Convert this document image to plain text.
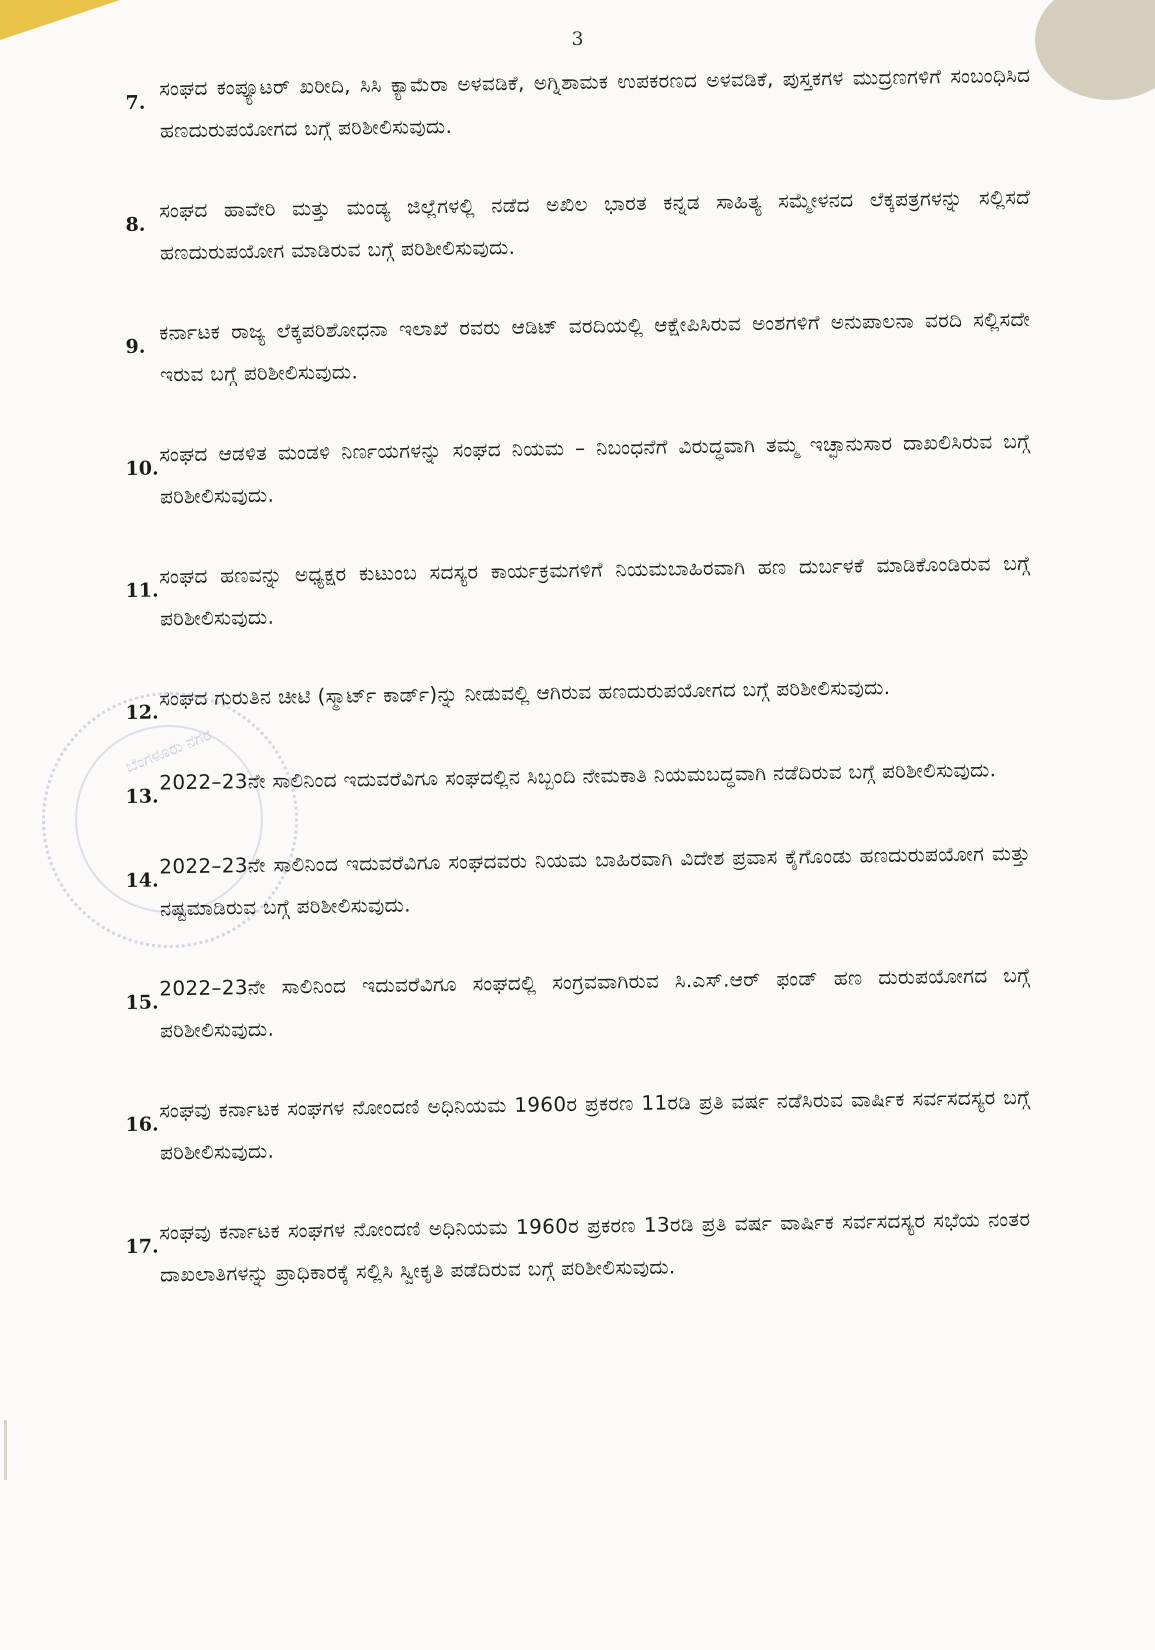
3
ಬೆಂಗಳೂರು ನಗರ
7.
ಸಂಘದ ಕಂಪ್ಯೂಟರ್ ಖರೀದಿ, ಸಿಸಿ ಕ್ಯಾಮೆರಾ ಅಳವಡಿಕೆ, ಅಗ್ನಿಶಾಮಕ ಉಪಕರಣದ ಅಳವಡಿಕೆ, ಪುಸ್ತಕಗಳ ಮುದ್ರಣಗಳಿಗೆ ಸಂಬಂಧಿಸಿದ ಹಣದುರುಪಯೋಗದ ಬಗ್ಗೆ ಪರಿಶೀಲಿಸುವುದು.
8.
ಸಂಘದ ಹಾವೇರಿ ಮತ್ತು ಮಂಡ್ಯ ಜಿಲ್ಲೆಗಳಲ್ಲಿ ನಡೆದ ಅಖಿಲ ಭಾರತ ಕನ್ನಡ ಸಾಹಿತ್ಯ ಸಮ್ಮೇಳನದ ಲೆಕ್ಕಪತ್ರಗಳನ್ನು ಸಲ್ಲಿಸದೆ ಹಣದುರುಪಯೋಗ ಮಾಡಿರುವ ಬಗ್ಗೆ ಪರಿಶೀಲಿಸುವುದು.
9.
ಕರ್ನಾಟಕ ರಾಜ್ಯ ಲೆಕ್ಕಪರಿಶೋಧನಾ ಇಲಾಖೆ ರವರು ಆಡಿಟ್ ವರದಿಯಲ್ಲಿ ಆಕ್ಷೇಪಿಸಿರುವ ಅಂಶಗಳಿಗೆ ಅನುಪಾಲನಾ ವರದಿ ಸಲ್ಲಿಸದೇ ಇರುವ ಬಗ್ಗೆ ಪರಿಶೀಲಿಸುವುದು.
10.
ಸಂಘದ ಆಡಳಿತ ಮಂಡಳಿ ನಿರ್ಣಯಗಳನ್ನು ಸಂಘದ ನಿಯಮ – ನಿಬಂಧನೆಗೆ ವಿರುದ್ಧವಾಗಿ ತಮ್ಮ ಇಚ್ಛಾನುಸಾರ ದಾಖಲಿಸಿರುವ ಬಗ್ಗೆ ಪರಿಶೀಲಿಸುವುದು.
11.
ಸಂಘದ ಹಣವನ್ನು ಅಧ್ಯಕ್ಷರ ಕುಟುಂಬ ಸದಸ್ಯರ ಕಾರ್ಯಕ್ರಮಗಳಿಗೆ ನಿಯಮಬಾಹಿರವಾಗಿ ಹಣ ದುರ್ಬಳಕೆ ಮಾಡಿಕೊಂಡಿರುವ ಬಗ್ಗೆ ಪರಿಶೀಲಿಸುವುದು.
12.
ಸಂಘದ ಗುರುತಿನ ಚೀಟಿ (ಸ್ಮಾರ್ಟ್ ಕಾರ್ಡ್)ನ್ನು ನೀಡುವಲ್ಲಿ ಆಗಿರುವ ಹಣದುರುಪಯೋಗದ ಬಗ್ಗೆ ಪರಿಶೀಲಿಸುವುದು.
13.
2022–23ನೇ ಸಾಲಿನಿಂದ ಇದುವರೆವಿಗೂ ಸಂಘದಲ್ಲಿನ ಸಿಬ್ಬಂದಿ ನೇಮಕಾತಿ ನಿಯಮಬದ್ಧವಾಗಿ ನಡೆದಿರುವ ಬಗ್ಗೆ ಪರಿಶೀಲಿಸುವುದು.
14.
2022–23ನೇ ಸಾಲಿನಿಂದ ಇದುವರೆವಿಗೂ ಸಂಘದವರು ನಿಯಮ ಬಾಹಿರವಾಗಿ ವಿದೇಶ ಪ್ರವಾಸ ಕೈಗೊಂಡು ಹಣದುರುಪಯೋಗ ಮತ್ತು ನಷ್ಟಮಾಡಿರುವ ಬಗ್ಗೆ ಪರಿಶೀಲಿಸುವುದು.
15.
2022–23ನೇ ಸಾಲಿನಿಂದ ಇದುವರೆವಿಗೂ ಸಂಘದಲ್ಲಿ ಸಂಗ್ರವವಾಗಿರುವ ಸಿ.ಎಸ್.ಆರ್ ಫಂಡ್ ಹಣ ದುರುಪಯೋಗದ ಬಗ್ಗೆ ಪರಿಶೀಲಿಸುವುದು.
16.
ಸಂಘವು ಕರ್ನಾಟಕ ಸಂಘಗಳ ನೋಂದಣಿ ಅಧಿನಿಯಮ 1960ರ ಪ್ರಕರಣ 11ರಡಿ ಪ್ರತಿ ವರ್ಷ ನಡೆಸಿರುವ ವಾರ್ಷಿಕ ಸರ್ವಸದಸ್ಯರ ಬಗ್ಗೆ ಪರಿಶೀಲಿಸುವುದು.
17.
ಸಂಘವು ಕರ್ನಾಟಕ ಸಂಘಗಳ ನೋಂದಣಿ ಅಧಿನಿಯಮ 1960ರ ಪ್ರಕರಣ 13ರಡಿ ಪ್ರತಿ ವರ್ಷ ವಾರ್ಷಿಕ ಸರ್ವಸದಸ್ಯರ ಸಭೆಯ ನಂತರ ದಾಖಲಾತಿಗಳನ್ನು ಪ್ರಾಧಿಕಾರಕ್ಕೆ ಸಲ್ಲಿಸಿ ಸ್ವೀಕೃತಿ ಪಡೆದಿರುವ ಬಗ್ಗೆ ಪರಿಶೀಲಿಸುವುದು.
